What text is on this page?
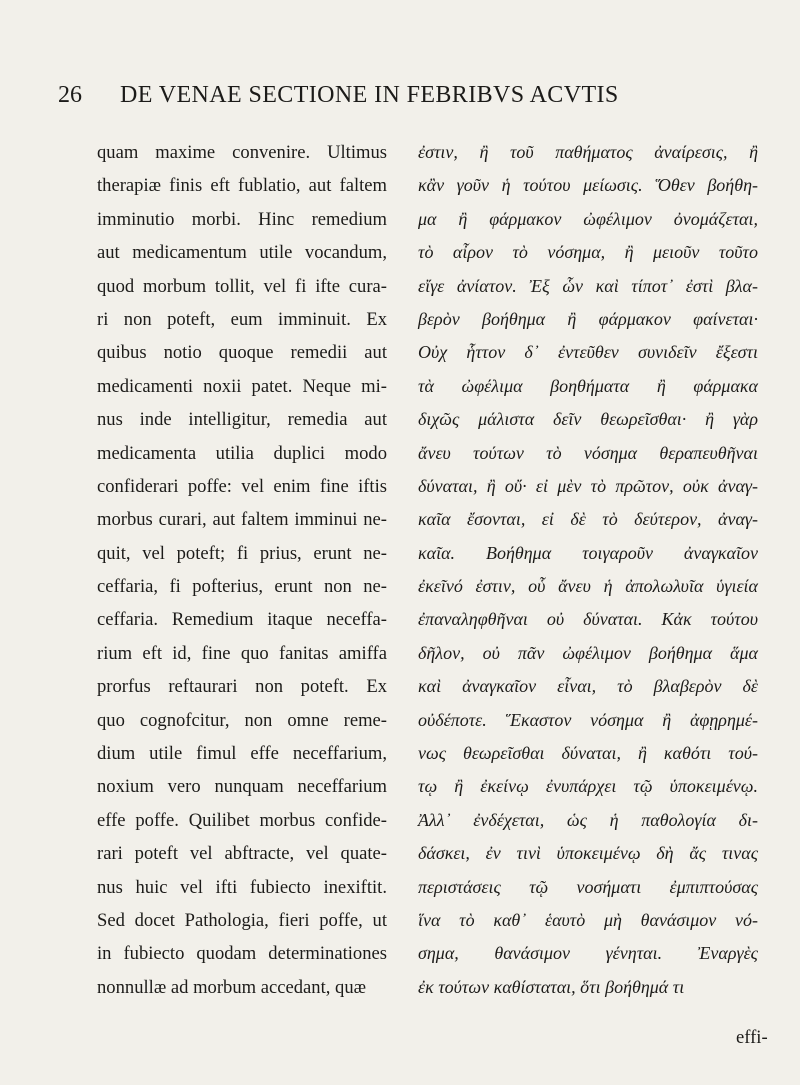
26 DE VENAE SECTIONE IN FEBRIBVS ACVTIS
quam maxime convenire. Ultimus
therapiæ finis eft fublatio, aut faltem
imminutio morbi. Hinc remedium
aut medicamentum utile vocandum,
quod morbum tollit, vel fi ifte cura-
ri non poteft, eum imminuit. Ex
quibus notio quoque remedii aut
medicamenti noxii patet. Neque mi-
nus inde intelligitur, remedia aut
medicamenta utilia duplici modo
confiderari poffe: vel enim fine iftis
morbus curari, aut faltem imminui ne-
quit, vel poteft; fi prius, erunt ne-
ceffaria, fi pofterius, erunt non ne-
ceffaria. Remedium itaque neceffa-
rium eft id, fine quo fanitas amiffa
prorfus reftaurari non poteft. Ex
quo cognofcitur, non omne reme-
dium utile fimul effe neceffarium,
noxium vero nunquam neceffarium
effe poffe. Quilibet morbus confide-
rari poteft vel abftracte, vel quate-
nus huic vel ifti fubiecto inexiftit.
Sed docet Pathologia, fieri poffe, ut
in fubiecto quodam determinationes
nonnullæ ad morbum accedant, quæ
ἐστιν, ἢ τοῦ παθήματος ἀναίρεσις, ἢ
κἂν γοῦν ἡ τούτου μείωσις. Ὅθεν βοήθη-
μα ἢ φάρμακον ὠφέλιμον ὀνομάζεται,
τὸ αἶρον τὸ νόσημα, ἢ μειοῦν τοῦτο
εἴγε ἀνίατον. Ἐξ ὧν καὶ τίποτ᾽ ἐστὶ βλα-
βερὸν βοήθημα ἢ φάρμακον φαίνεται·
Οὐχ ἧττον δ᾽ ἐντεῦθεν συνιδεῖν ἔξεστι
τὰ ὠφέλιμα βοηθήματα ἢ φάρμακα
διχῶς μάλιστα δεῖν θεωρεῖσθαι· ἢ γὰρ
ἄνευ τούτων τὸ νόσημα θεραπευθῆναι
δύναται, ἢ οὔ· εἰ μὲν τὸ πρῶτον, οὐκ ἀναγ-
καῖα ἔσονται, εἰ δὲ τὸ δεύτερον, ἀναγ-
καῖα. Βοήθημα τοιγαροῦν ἀναγκαῖον
ἐκεῖνό ἐστιν, οὗ ἄνευ ἡ ἀπολωλυῖα ὑγιεία
ἐπαναληφθῆναι οὐ δύναται. Κἀκ τούτου
δῆλον, οὐ πᾶν ὠφέλιμον βοήθημα ἅμα
καὶ ἀναγκαῖον εἶναι, τὸ βλαβερὸν δὲ
οὐδέποτε. Ἕκαστον νόσημα ἢ ἀφῃρημέ-
νως θεωρεῖσθαι δύναται, ἢ καθότι τού-
τῳ ἢ ἐκείνῳ ἐνυπάρχει τῷ ὑποκειμένῳ.
Ἀλλ᾽ ἐνδέχεται, ὡς ἡ παθολογία δι-
δάσκει, ἐν τινὶ ὑποκειμένῳ δὴ ἄς τινας
περιστάσεις τῷ νοσήματι ἐμπιπτούσας
ἵνα τὸ καθ᾽ ἑαυτὸ μὴ θανάσιμον νό-
σημα, θανάσιμον γένηται. Ἐναργὲς
ἐκ τούτων καθίσταται, ὅτι βοήθημά τι
effi-
